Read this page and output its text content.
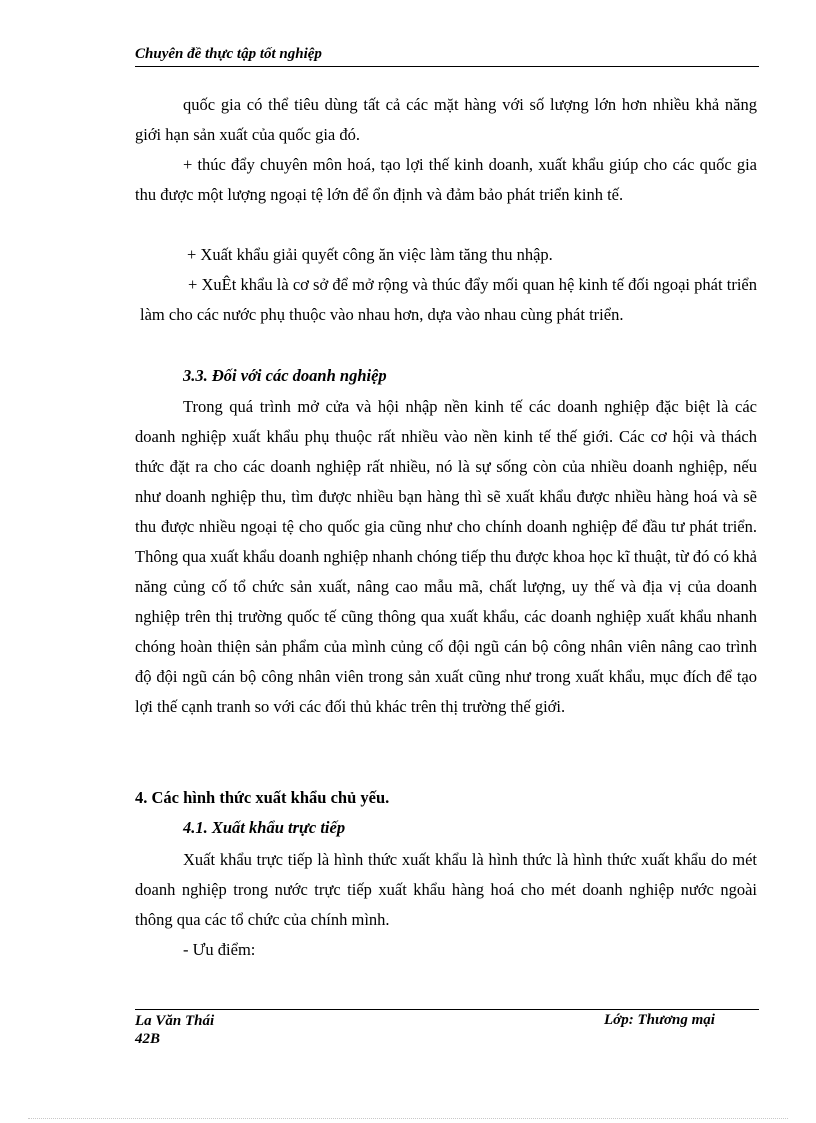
Chuyên đề thực tập tốt nghiệp
quốc gia có thể tiêu dùng tất cả các mặt hàng với số lượng lớn hơn nhiều khả năng giới hạn sản xuất của quốc gia đó.
+ thúc đẩy chuyên môn hoá, tạo lợi thế kinh doanh, xuất khẩu giúp cho các quốc gia thu được một lượng ngoại tệ lớn để ổn định và đảm bảo phát triển kinh tế.
+ Xuất khẩu giải quyết công ăn việc làm tăng thu nhập.
+ XuÊt khẩu là cơ sở để mở rộng và thúc đẩy mối quan hệ kinh tế đối ngoại phát triển làm cho các nước phụ thuộc vào nhau hơn, dựa vào nhau cùng phát triển.
3.3. Đối với các doanh nghiệp
Trong quá trình mở cửa và hội nhập nền kinh tế các doanh nghiệp đặc biệt là các doanh nghiệp xuất khẩu phụ thuộc rất nhiều vào nền kinh tế thế giới. Các cơ hội và thách thức đặt ra cho các doanh nghiệp rất nhiều, nó là sự sống còn của nhiều doanh nghiệp, nếu như doanh nghiệp thu, tìm được nhiều bạn hàng thì sẽ xuất khẩu được nhiều hàng hoá và sẽ thu được nhiều ngoại tệ cho quốc gia cũng như cho chính doanh nghiệp để đầu tư phát triển. Thông qua xuất khẩu doanh nghiệp nhanh chóng tiếp thu được khoa học kĩ thuật, từ đó có khả năng củng cố tổ chức sản xuất, nâng cao mẫu mã, chất lượng, uy thế và địa vị của doanh nghiệp trên thị trường quốc tế cũng thông qua xuất khẩu, các doanh nghiệp xuất khẩu nhanh chóng hoàn thiện sản phẩm của mình củng cố đội ngũ cán bộ công nhân viên nâng cao trình độ đội ngũ cán bộ công nhân viên trong sản xuất cũng như trong xuất khẩu, mục đích để tạo lợi thế cạnh tranh so với các đối thủ khác trên thị trường thế giới.
4. Các hình thức xuất khẩu chủ yếu.
4.1. Xuất khẩu trực tiếp
Xuất khẩu trực tiếp là hình thức xuất khẩu là hình thức là hình thức xuất khẩu do mét doanh nghiệp trong nước trực tiếp xuất khẩu hàng hoá cho mét doanh nghiệp nước ngoài thông qua các tổ chức của chính mình.
- Ưu điểm:
La Văn Thái
42B
Lớp: Thương mại
